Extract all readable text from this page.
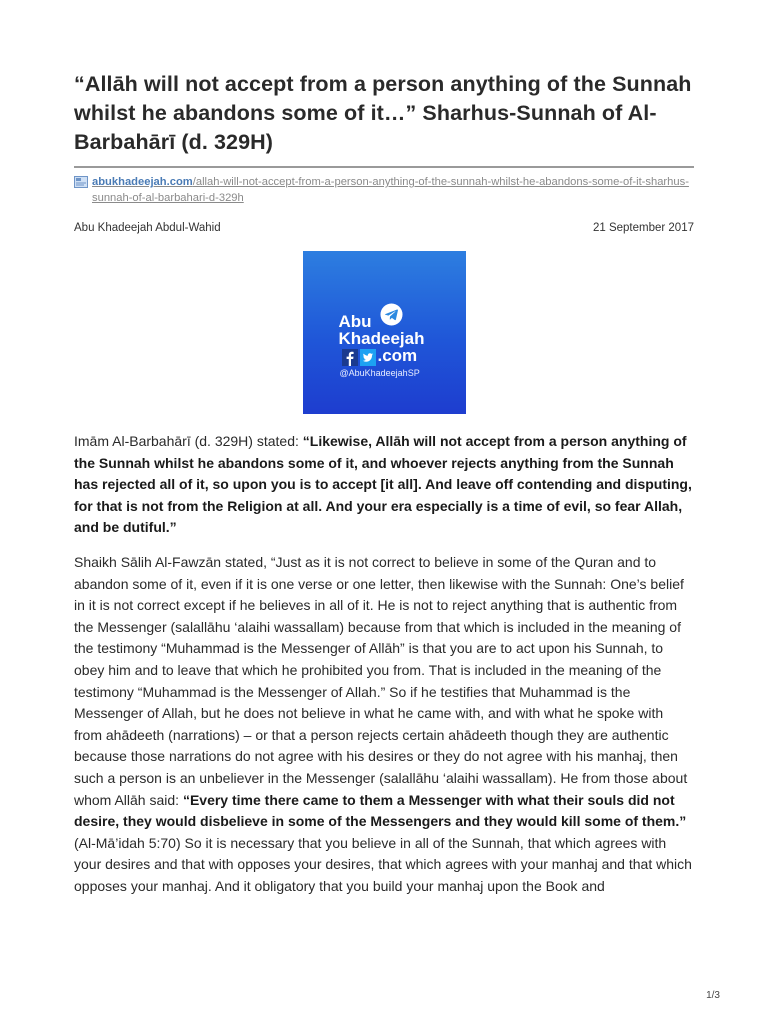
“Allāh will not accept from a person anything of the Sunnah whilst he abandons some of it…” Sharhus-Sunnah of Al-Barbahārī (d. 329H)
abukhadeejah.com/allah-will-not-accept-from-a-person-anything-of-the-sunnah-whilst-he-abandons-some-of-it-sharhus-sunnah-of-al-barbahari-d-329h
Abu Khadeejah Abdul-Wahid	21 September 2017
Abu
Khadeejah
.com
@AbuKhadeejahSP

Imām Al-Barbahārī (d. 329H) stated: “Likewise, Allāh will not accept from a person anything of the Sunnah whilst he abandons some of it, and whoever rejects anything from the Sunnah has rejected all of it, so upon you is to accept [it all]. And leave off contending and disputing, for that is not from the Religion at all. And your era especially is a time of evil, so fear Allah, and be dutiful.”

Shaikh Sālih Al-Fawzān stated, “Just as it is not correct to believe in some of the Quran and to abandon some of it, even if it is one verse or one letter, then likewise with the Sunnah: One’s belief in it is not correct except if he believes in all of it. He is not to reject anything that is authentic from the Messenger (salallāhu ‘alaihi wassallam) because from that which is included in the meaning of the testimony “Muhammad is the Messenger of Allāh” is that you are to act upon his Sunnah, to obey him and to leave that which he prohibited you from. That is included in the meaning of the testimony “Muhammad is the Messenger of Allah.” So if he testifies that Muhammad is the Messenger of Allah, but he does not believe in what he came with, and with what he spoke with from ahādeeth (narrations) – or that a person rejects certain ahādeeth though they are authentic because those narrations do not agree with his desires or they do not agree with his manhaj, then such a person is an unbeliever in the Messenger (salallāhu ‘alaihi wassallam). He from those about whom Allāh said: “Every time there came to them a Messenger with what their souls did not desire, they would disbelieve in some of the Messengers and they would kill some of them.” (Al-Mā’idah 5:70) So it is necessary that you believe in all of the Sunnah, that which agrees with your desires and that with opposes your desires, that which agrees with your manhaj and that which opposes your manhaj. And it obligatory that you build your manhaj upon the Book and

1/3
